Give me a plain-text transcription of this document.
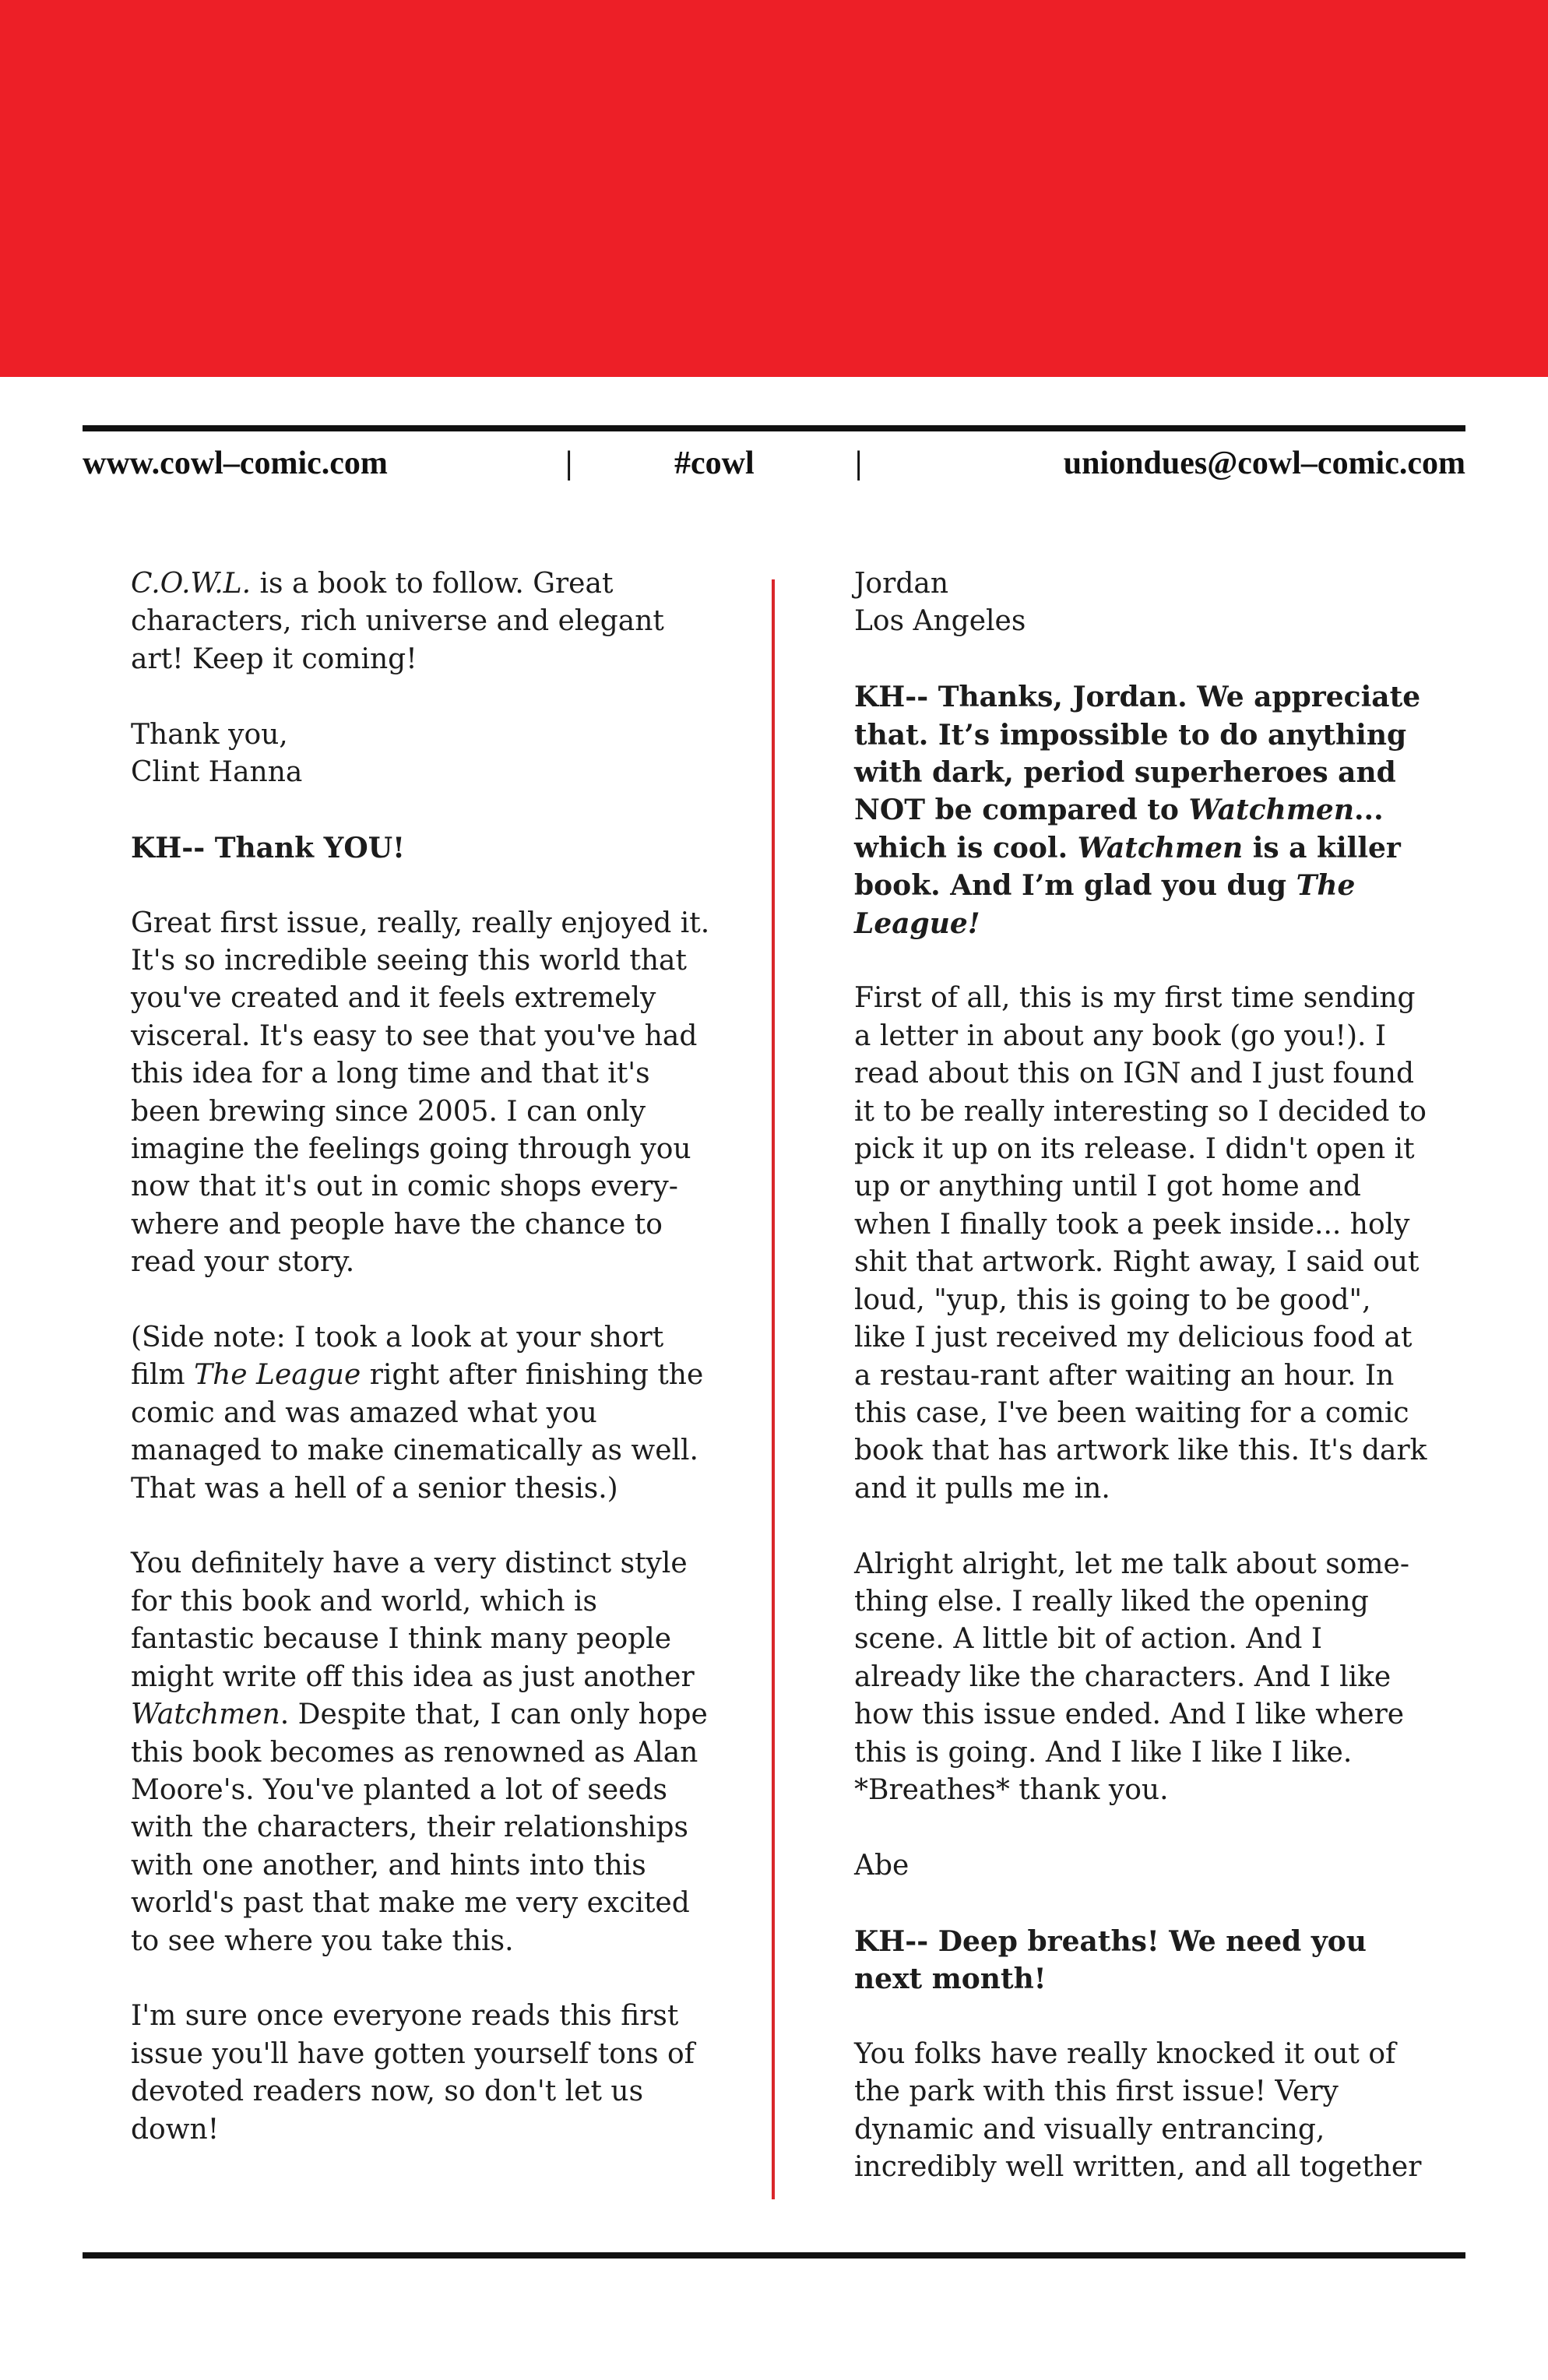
www.cowl–comic.com	|	#cowl	|	uniondues@cowl–comic.com

C.O.W.L. is a book to follow. Great characters, rich universe and elegant art! Keep it coming!

Thank you,

Clint Hanna

KH-- Thank YOU!

Great first issue, really, really enjoyed it. It's so incredible seeing this world that you've created and it feels extremely visceral. It's easy to see that you've had this idea for a long time and that it's been brewing since 2005. I can only imagine the feelings going through you now that it's out in comic shops every-where and people have the chance to read your story.

(Side note: I took a look at your short film The League right after finishing the comic and was amazed what you managed to make cinematically as well. That was a hell of a senior thesis.)

You definitely have a very distinct style for this book and world, which is fantastic because I think many people might write off this idea as just another Watchmen. Despite that, I can only hope this book becomes as renowned as Alan Moore's. You've planted a lot of seeds with the characters, their relationships with one another, and hints into this world's past that make me very excited to see where you take this.

I'm sure once everyone reads this first issue you'll have gotten yourself tons of devoted readers now, so don't let us down!

Jordan

Los Angeles

KH-- Thanks, Jordan. We appreciate that. It’s impossible to do anything with dark, period superheroes and NOT be compared to Watchmen... which is cool. Watchmen is a killer book. And I’m glad you dug The League!

First of all, this is my first time sending a letter in about any book (go you!). I read about this on IGN and I just found it to be really interesting so I decided to pick it up on its release. I didn't open it up or anything until I got home and when I finally took a peek inside... holy shit that artwork. Right away, I said out loud, "yup, this is going to be good", like I just received my delicious food at a restau-rant after waiting an hour. In this case, I've been waiting for a comic book that has artwork like this. It's dark and it pulls me in.

Alright alright, let me talk about some-thing else. I really liked the opening scene. A little bit of action. And I already like the characters. And I like how this issue ended. And I like where this is going. And I like I like I like. *Breathes* thank you.

Abe

KH-- Deep breaths! We need you next month!

You folks have really knocked it out of the park with this first issue! Very dynamic and visually entrancing, incredibly well written, and all together
